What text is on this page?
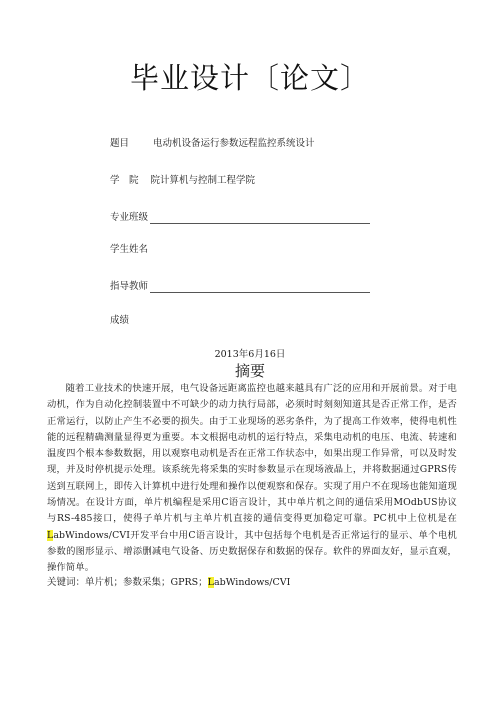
毕业设计〔论文〕
题目	电动机设备运行参数远程监控系统设计
学　院 院计算机与控制工程学院
专业班级
学生姓名
指导教师
成绩
2013年6月16日
摘要

随着工业技术的快速开展，电气设备远距离监控也越来越具有广泛的应用和开展前景。对于电动机，作为自动化控制装置中不可缺少的动力执行局部，必须时时刻刻知道其是否正常工作，是否正常运行，以防止产生不必要的损失。由于工业现场的恶劣条件，为了提高工作效率，使得电机性能的远程精确测量显得更为重要。本文根据电动机的运行特点，采集电动机的电压、电流、转速和温度四个根本参数数据，用以观察电动机是否在正常工作状态中，如果出现工作异常，可以及时发现，并及时停机提示处理。该系统先将采集的实时参数显示在现场液晶上，并将数据通过GPRS传送到互联网上，即传入计算机中进行处理和操作以便观察和保存。实现了用户不在现场也能知道现场情况。在设计方面，单片机编程是采用C语言设计，其中单片机之间的通信采用MOdbUS协议与RS-485接口，使得子单片机与主单片机直接的通信变得更加稳定可靠。PC机中上位机是在LabWindows/CVI开发平台中用C语言设计，其中包括每个电机是否正常运行的显示、单个电机参数的图形显示、增添删减电气设备、历史数据保存和数据的保存。软件的界面友好，显示直观，操作简单。

关键词：单片机；参数采集；GPRS；LabWindows/CVI
